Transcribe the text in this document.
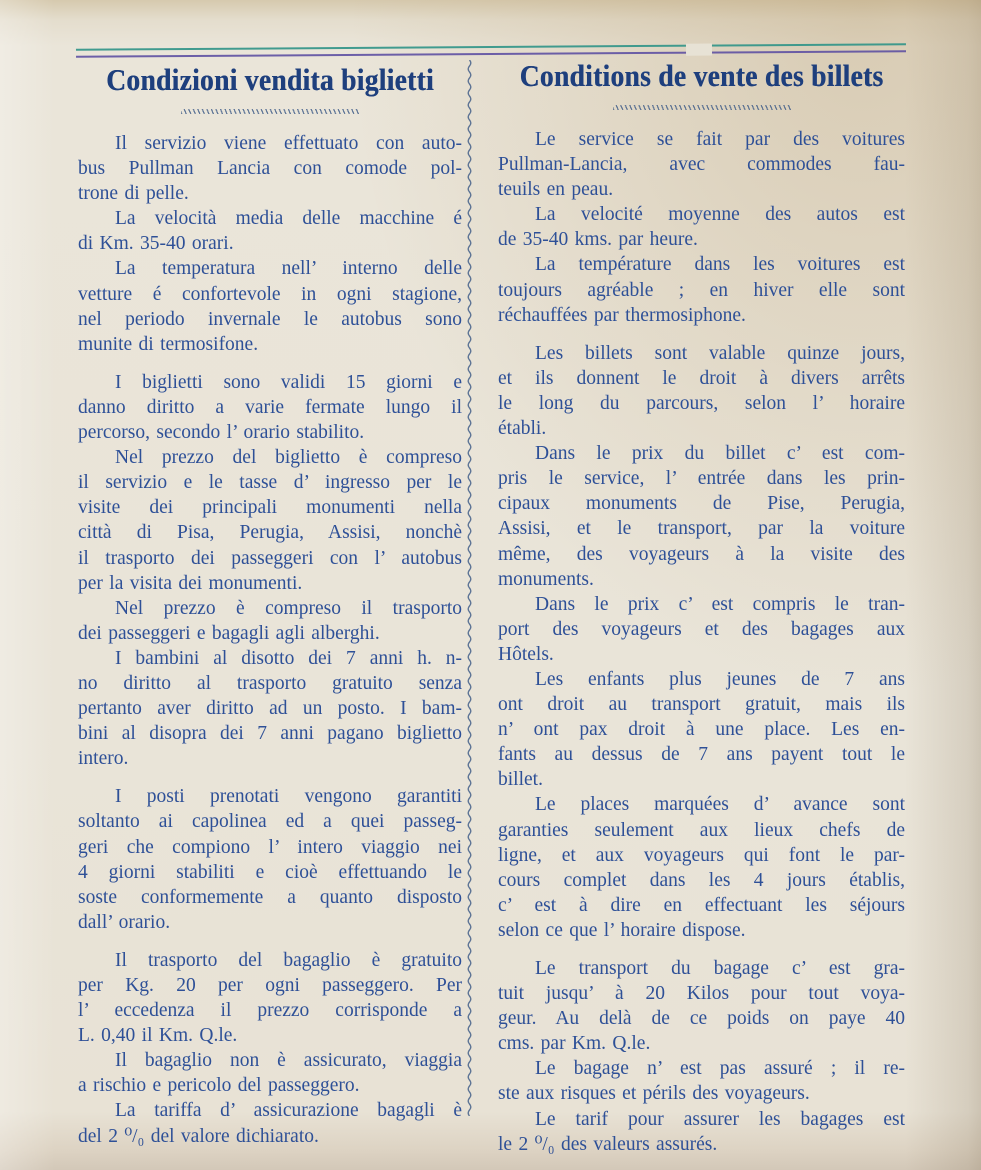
Condizioni vendita biglietti
Il servizio viene effettuato con auto-
bus Pullman Lancia con comode pol-
trone di pelle.
La velocità media delle macchine é
di Km. 35-40 orari.
La temperatura nell’ interno delle
vetture é confortevole in ogni stagione,
nel periodo invernale le autobus sono
munite di termosifone.
I biglietti sono validi 15 giorni e
danno diritto a varie fermate lungo il
percorso, secondo l’ orario stabilito.
Nel prezzo del biglietto è compreso
il servizio e le tasse d’ ingresso per le
visite dei principali monumenti nella
città di Pisa, Perugia, Assisi, nonchè
il trasporto dei passeggeri con l’ autobus
per la visita dei monumenti.
Nel prezzo è compreso il trasporto
dei passeggeri e bagagli agli alberghi.
I bambini al disotto dei 7 anni h. n-
no diritto al trasporto gratuito senza
pertanto aver diritto ad un posto. I bam-
bini al disopra dei 7 anni pagano biglietto
intero.
I posti prenotati vengono garantiti
soltanto ai capolinea ed a quei passeg-
geri che compiono l’ intero viaggio nei
4 giorni stabiliti e cioè effettuando le
soste conformemente a quanto disposto
dall’ orario.
Il trasporto del bagaglio è gratuito
per Kg. 20 per ogni passeggero. Per
l’ eccedenza il prezzo corrisponde a
L. 0,40 il Km. Q.le.
Il bagaglio non è assicurato, viaggia
a rischio e pericolo del passeggero.
La tariffa d’ assicurazione bagagli è
del 2 ⁰/₀ del valore dichiarato.
Conditions de vente des billets
Le service se fait par des voitures
Pullman-Lancia, avec commodes fau-
teuils en peau.
La velocité moyenne des autos est
de 35-40 kms. par heure.
La température dans les voitures est
toujours agréable ; en hiver elle sont
réchauffées par thermosiphone.
Les billets sont valable quinze jours,
et ils donnent le droit à divers arrêts
le long du parcours, selon l’ horaire
établi.
Dans le prix du billet c’ est com-
pris le service, l’ entrée dans les prin-
cipaux monuments de Pise, Perugia,
Assisi, et le transport, par la voiture
même, des voyageurs à la visite des
monuments.
Dans le prix c’ est compris le tran-
port des voyageurs et des bagages aux
Hôtels.
Les enfants plus jeunes de 7 ans
ont droit au transport gratuit, mais ils
n’ ont pax droit à une place. Les en-
fants au dessus de 7 ans payent tout le
billet.
Le places marquées d’ avance sont
garanties seulement aux lieux chefs de
ligne, et aux voyageurs qui font le par-
cours complet dans les 4 jours établis,
c’ est à dire en effectuant les séjours
selon ce que l’ horaire dispose.
Le transport du bagage c’ est gra-
tuit jusqu’ à 20 Kilos pour tout voya-
geur. Au delà de ce poids on paye 40
cms. par Km. Q.le.
Le bagage n’ est pas assuré ; il re-
ste aux risques et périls des voyageurs.
Le tarif pour assurer les bagages est
le 2 ⁰/₀ des valeurs assurés.
